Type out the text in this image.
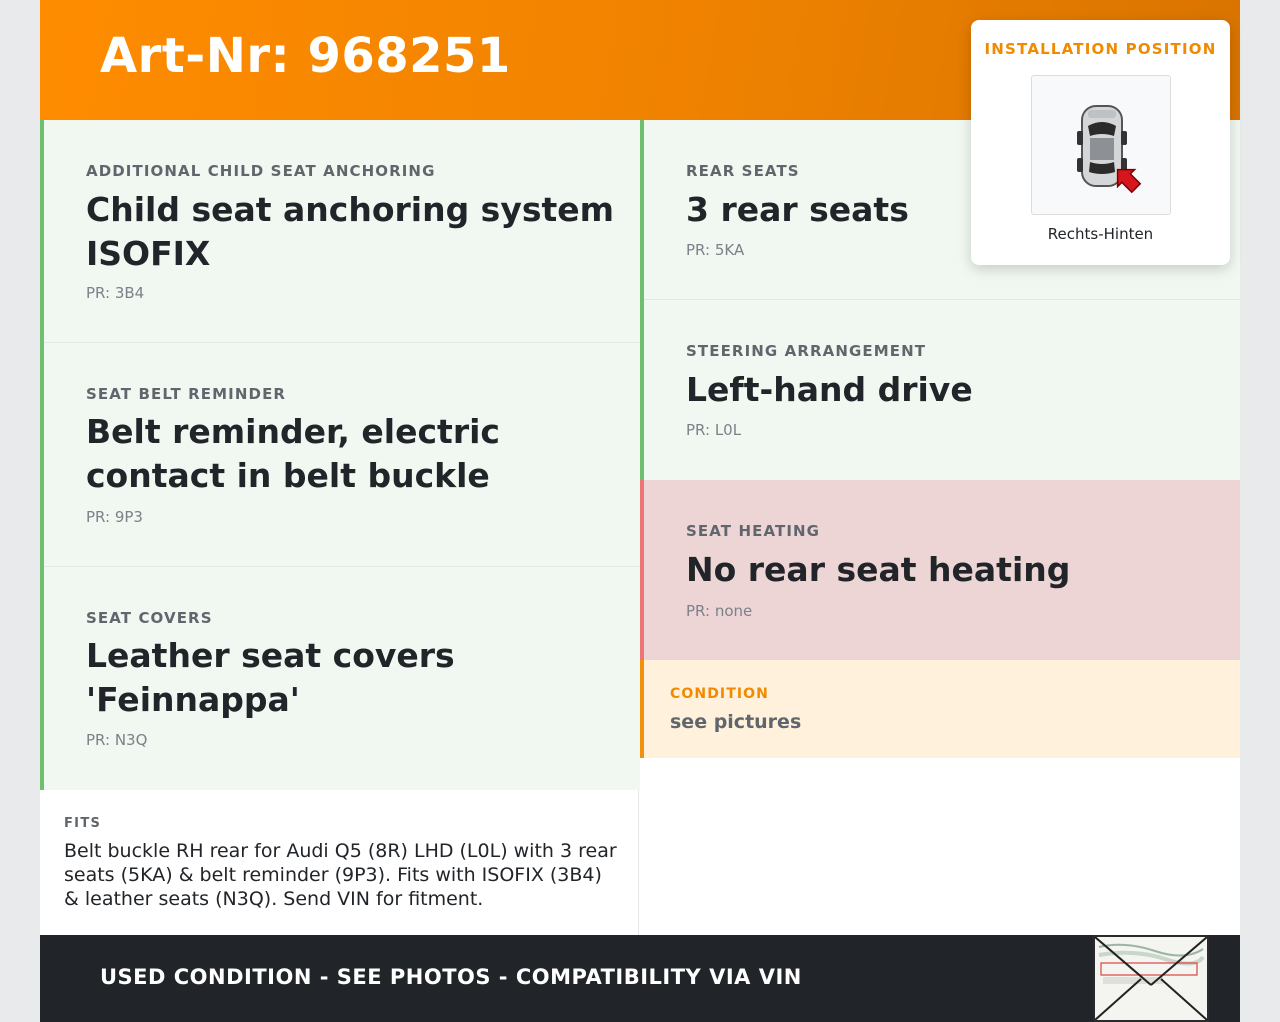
Art-Nr: 968251	INSTALLATION POSITION
Rechts-Hinten
ADDITIONAL CHILD SEAT ANCHORING
Child seat anchoring system ISOFIX
PR: 3B4
SEAT BELT REMINDER
Belt reminder, electric contact in belt buckle
PR: 9P3
SEAT COVERS
Leather seat covers 'Feinnappa'
PR: N3Q
REAR SEATS
3 rear seats
PR: 5KA
STEERING ARRANGEMENT
Left-hand drive
PR: L0L
SEAT HEATING
No rear seat heating
PR: none
CONDITION
see pictures
FITS
Belt buckle RH rear for Audi Q5 (8R) LHD (L0L) with 3 rear seats (5KA) & belt reminder (9P3). Fits with ISOFIX (3B4) & leather seats (N3Q). Send VIN for fitment.
USED CONDITION - SEE PHOTOS - COMPATIBILITY VIA VIN
